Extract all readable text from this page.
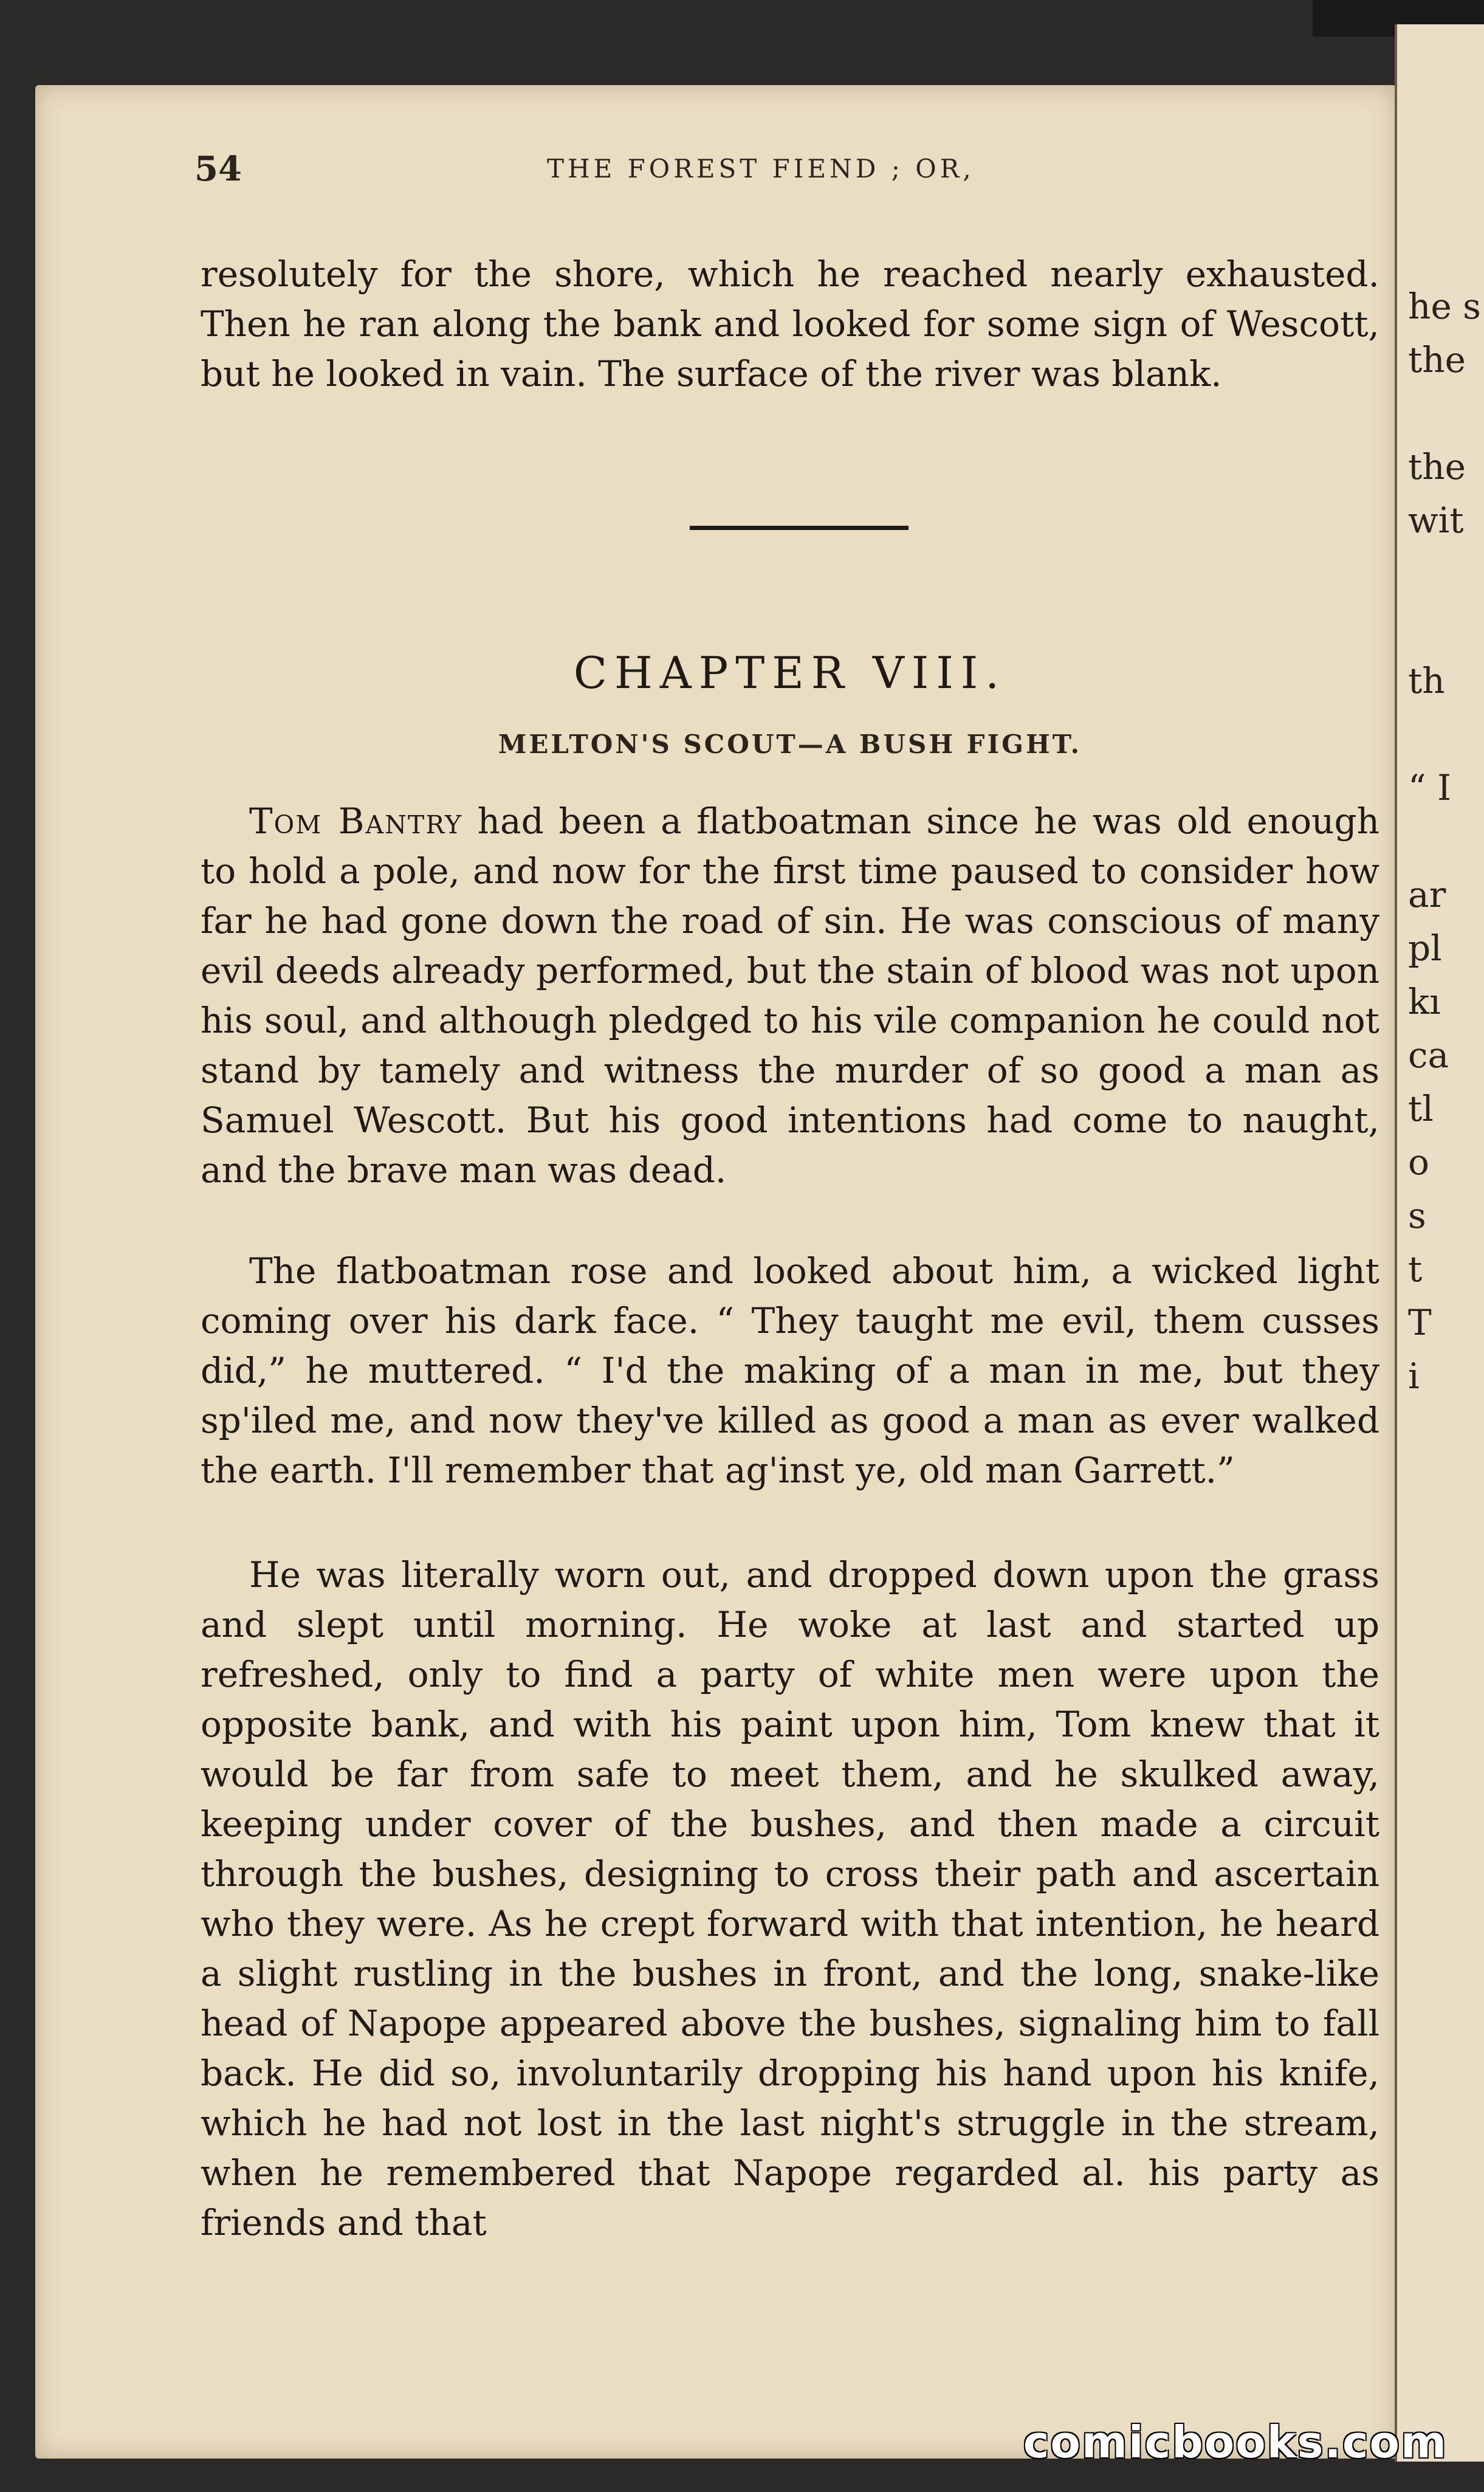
he s
the

the
wit

th

“ I

ar
pl
kı
ca
tl
o
s
t
T
i
54	THE FOREST FIEND ; OR,
resolutely for the shore, which he reached nearly exhausted. Then he ran along the bank and looked for some sign of Wescott, but he looked in vain. The surface of the river was blank.
CHAPTER VIII.
MELTON'S SCOUT—A BUSH FIGHT.
Tom Bantry had been a flatboatman since he was old enough to hold a pole, and now for the first time paused to consider how far he had gone down the road of sin. He was conscious of many evil deeds already performed, but the stain of blood was not upon his soul, and although pledged to his vile companion he could not stand by tamely and witness the murder of so good a man as Samuel Wescott. But his good intentions had come to naught, and the brave man was dead.
The flatboatman rose and looked about him, a wicked light coming over his dark face. “ They taught me evil, them cusses did,” he muttered. “ I'd the making of a man in me, but they sp'iled me, and now they've killed as good a man as ever walked the earth. I'll remember that ag'inst ye, old man Garrett.”
He was literally worn out, and dropped down upon the grass and slept until morning. He woke at last and started up refreshed, only to find a party of white men were upon the opposite bank, and with his paint upon him, Tom knew that it would be far from safe to meet them, and he skulked away, keeping under cover of the bushes, and then made a circuit through the bushes, designing to cross their path and ascertain who they were. As he crept forward with that intention, he heard a slight rustling in the bushes in front, and the long, snake-like head of Napope appeared above the bushes, signaling him to fall back. He did so, involuntarily dropping his hand upon his knife, which he had not lost in the last night's struggle in the stream, when he remembered that Napope regarded al. his party as friends and that
comicbooks.com
